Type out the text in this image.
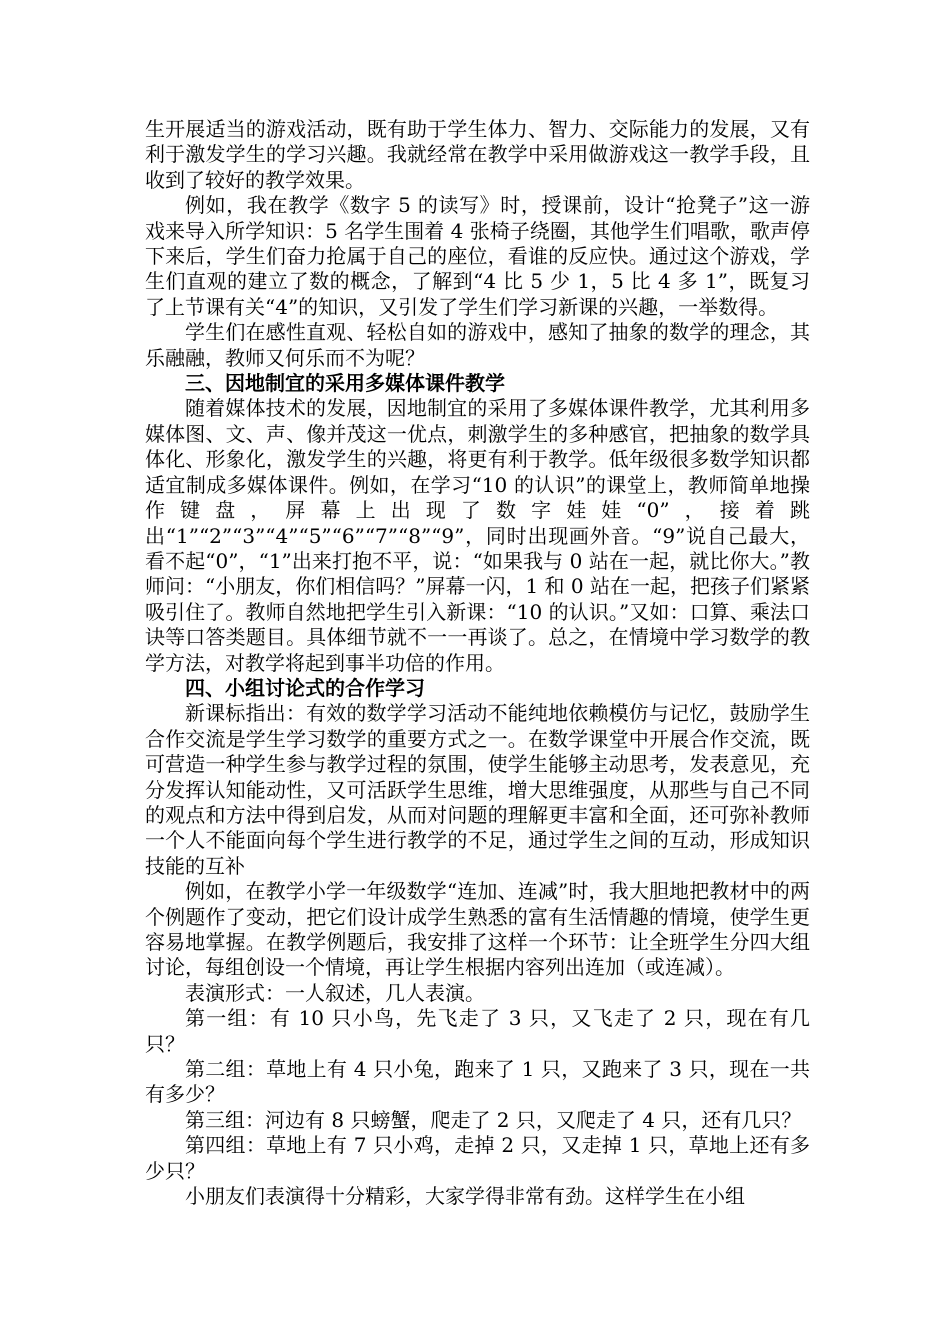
生开展适当的游戏活动，既有助于学生体力、智力、交际能力的发展，又有利于激发学生的学习兴趣。我就经常在教学中采用做游戏这一教学手段，且收到了较好的教学效果。

例如，我在教学《数字 5 的读写》时，授课前，设计“抢凳子”这一游戏来导入所学知识：5 名学生围着 4 张椅子绕圈，其他学生们唱歌，歌声停下来后，学生们奋力抢属于自己的座位，看谁的反应快。通过这个游戏，学生们直观的建立了数的概念，了解到“4 比 5 少 1，5 比 4 多 1”，既复习了上节课有关“4”的知识，又引发了学生们学习新课的兴趣，一举数得。

学生们在感性直观、轻松自如的游戏中，感知了抽象的数学的理念，其乐融融，教师又何乐而不为呢？

三、因地制宜的采用多媒体课件教学

随着媒体技术的发展，因地制宜的采用了多媒体课件教学，尤其利用多媒体图、文、声、像并茂这一优点，刺激学生的多种感官，把抽象的数学具体化、形象化，激发学生的兴趣，将更有利于教学。低年级很多数学知识都适宜制成多媒体课件。例如，在学习“10 的认识”的课堂上，教师简单地操作键盘，屏幕上出现了数字娃娃“0”，接着跳出“1”“2”“3”“4”“5”“6”“7”“8”“9”，同时出现画外音。“9”说自己最大，看不起“0”，“1”出来打抱不平，说：“如果我与 0 站在一起，就比你大。”教师问：“小朋友，你们相信吗？”屏幕一闪，1 和 0 站在一起，把孩子们紧紧吸引住了。教师自然地把学生引入新课：“10 的认识。”又如：口算、乘法口诀等口答类题目。具体细节就不一一再谈了。总之，在情境中学习数学的教学方法，对教学将起到事半功倍的作用。

四、小组讨论式的合作学习

新课标指出：有效的数学学习活动不能纯地依赖模仿与记忆，鼓励学生合作交流是学生学习数学的重要方式之一。在数学课堂中开展合作交流，既可营造一种学生参与教学过程的氛围，使学生能够主动思考，发表意见，充分发挥认知能动性，又可活跃学生思维，增大思维强度，从那些与自己不同的观点和方法中得到启发，从而对问题的理解更丰富和全面，还可弥补教师一个人不能面向每个学生进行教学的不足，通过学生之间的互动，形成知识技能的互补

例如，在教学小学一年级数学“连加、连减”时，我大胆地把教材中的两个例题作了变动，把它们设计成学生熟悉的富有生活情趣的情境，使学生更容易地掌握。在教学例题后，我安排了这样一个环节：让全班学生分四大组讨论，每组创设一个情境，再让学生根据内容列出连加（或连减）。

表演形式：一人叙述，几人表演。

第一组：有 10 只小鸟，先飞走了 3 只，又飞走了 2 只，现在有几只？

第二组：草地上有 4 只小兔，跑来了 1 只，又跑来了 3 只，现在一共有多少？

第三组：河边有 8 只螃蟹，爬走了 2 只，又爬走了 4 只，还有几只？

第四组：草地上有 7 只小鸡，走掉 2 只，又走掉 1 只，草地上还有多少只？

小朋友们表演得十分精彩，大家学得非常有劲。这样学生在小组
